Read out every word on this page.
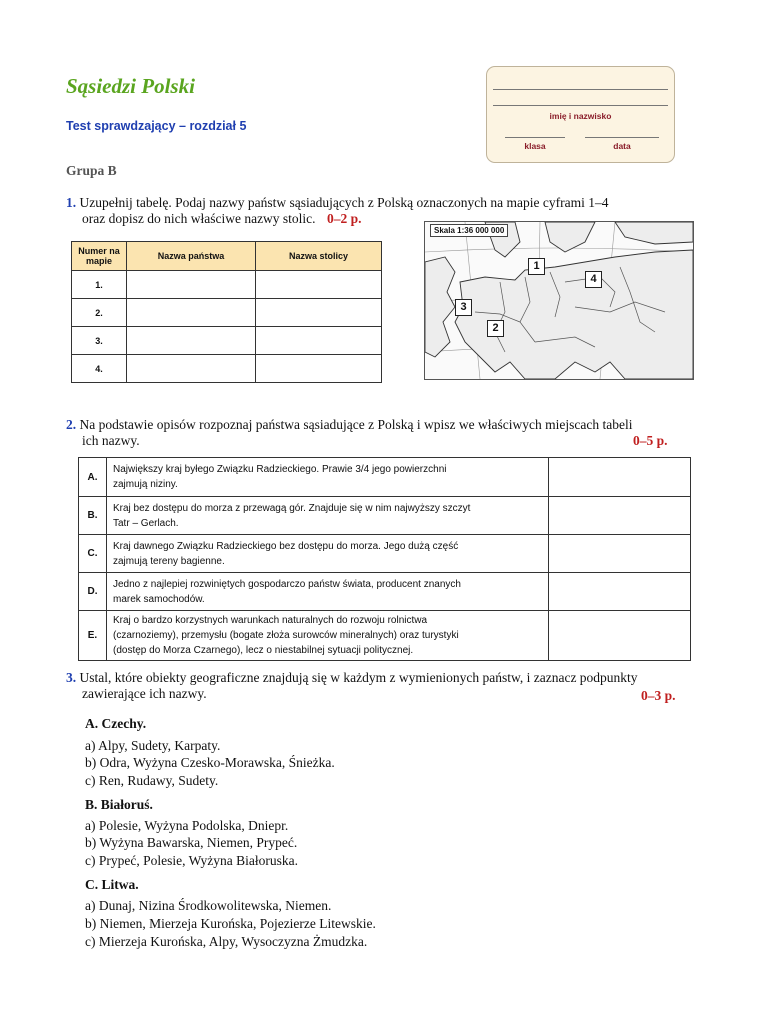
Sąsiedzi Polski
Test sprawdzający – rozdział 5
Grupa B
imię i nazwisko
klasa	data
1. Uzupełnij tabelę. Podaj nazwy państw sąsiadujących z Polską oznaczonych na mapie cyframi 1–4
oraz dopisz do nich właściwe nazwy stolic. 0–2 p.
Numer na mapie	Nazwa państwa	Nazwa stolicy
1.		
2.		
3.		
4.		
Skala 1:36 000 000
1
2
3
4
2. Na podstawie opisów rozpoznaj państwa sąsiadujące z Polską i wpisz we właściwych miejscach tabeli
ich nazwy.	0–5 p.
A.	Największy kraj byłego Związku Radzieckiego. Prawie 3/4 jego powierzchni
zajmują niziny.	

B.	Kraj bez dostępu do morza z przewagą gór. Znajduje się w nim najwyższy szczyt
Tatr – Gerlach.	

C.	Kraj dawnego Związku Radzieckiego bez dostępu do morza. Jego dużą część
zajmują tereny bagienne.	

D.	Jedno z najlepiej rozwiniętych gospodarczo państw świata, producent znanych
marek samochodów.	

E.	Kraj o bardzo korzystnych warunkach naturalnych do rozwoju rolnictwa
(czarnoziemy), przemysłu (bogate złoża surowców mineralnych) oraz turystyki
(dostęp do Morza Czarnego), lecz o niestabilnej sytuacji politycznej.	

3. Ustal, które obiekty geograficzne znajdują się w każdym z wymienionych państw, i zaznacz podpunkty
zawierające ich nazwy.	0–3 p.
A. Czechy.
a) Alpy, Sudety, Karpaty.
b) Odra, Wyżyna Czesko-Morawska, Śnieżka.
c) Ren, Rudawy, Sudety.
B. Białoruś.
a) Polesie, Wyżyna Podolska, Dniepr.
b) Wyżyna Bawarska, Niemen, Prypeć.
c) Prypeć, Polesie, Wyżyna Białoruska.
C. Litwa.
a) Dunaj, Nizina Środkowolitewska, Niemen.
b) Niemen, Mierzeja Kurońska, Pojezierze Litewskie.
c) Mierzeja Kurońska, Alpy, Wysoczyzna Żmudzka.
